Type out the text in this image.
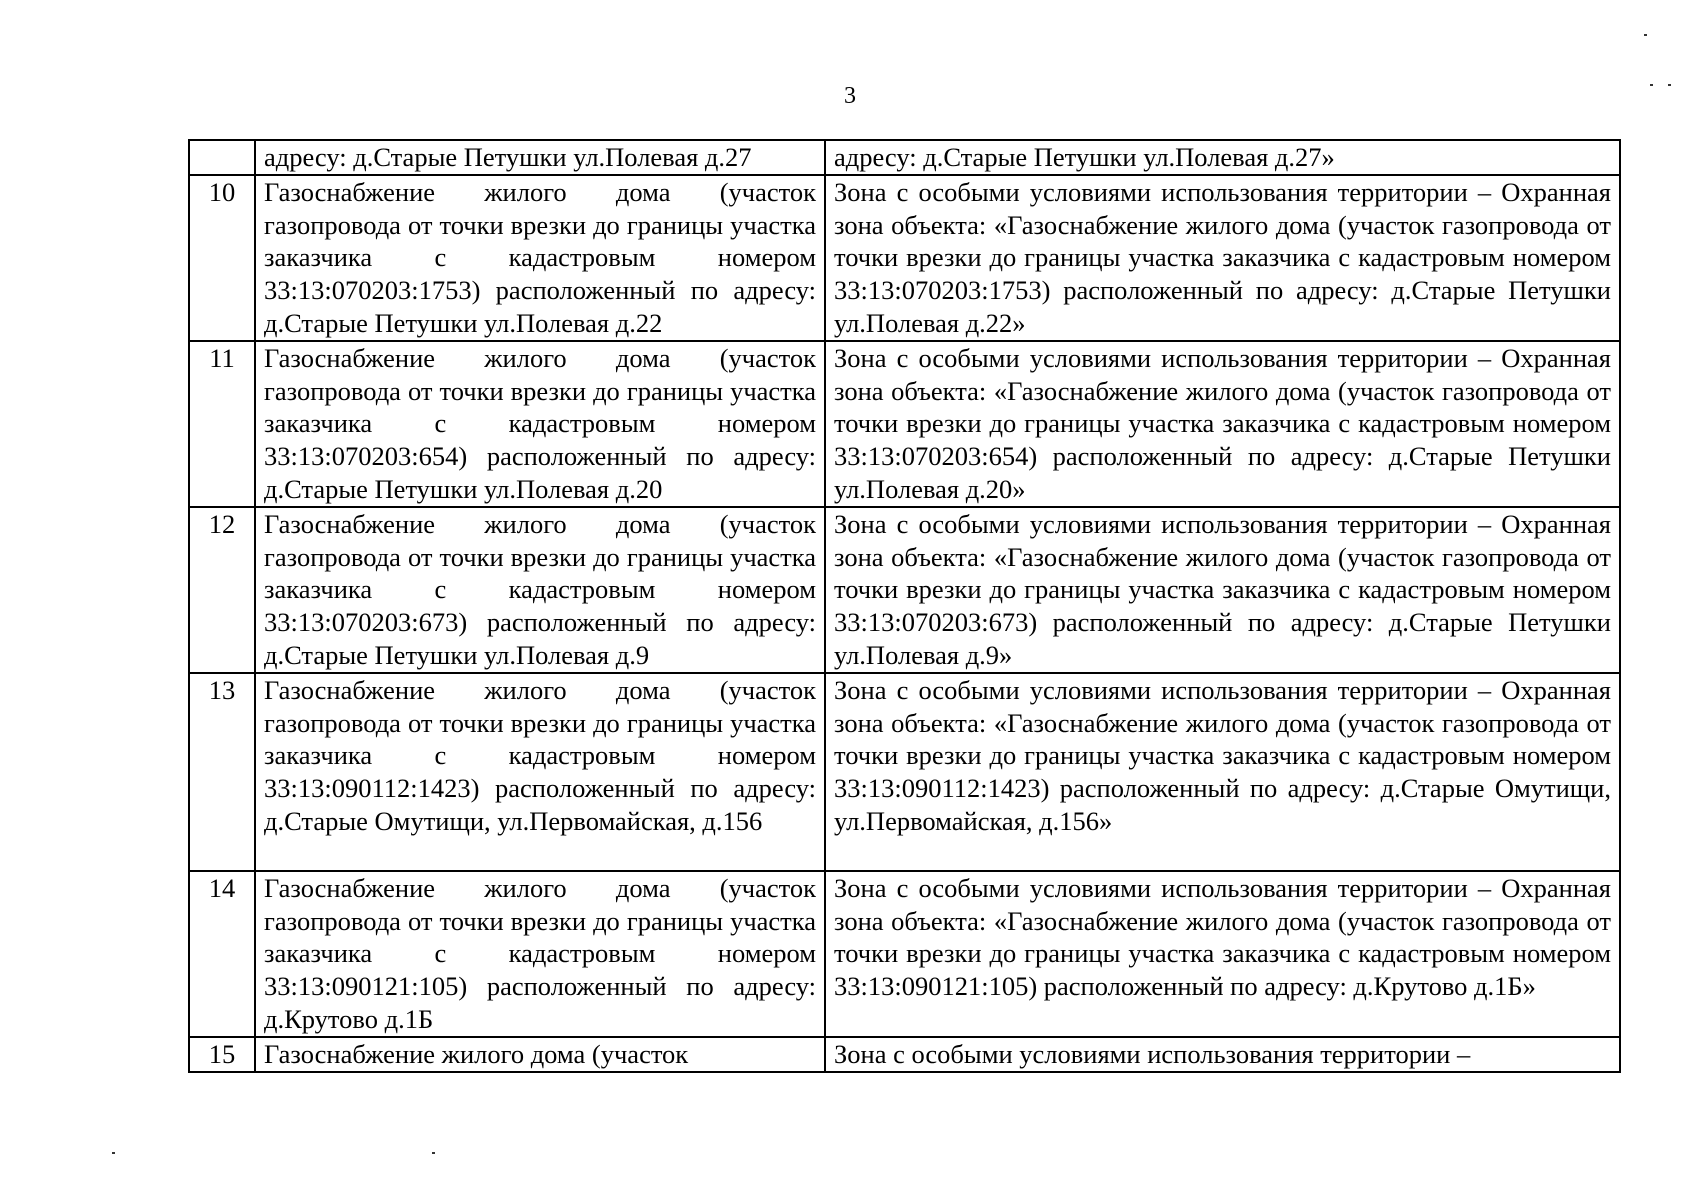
3
	адресу: д.Старые Петушки ул.Полевая д.27	адресу: д.Старые Петушки ул.Полевая д.27»
10	Газоснабжение жилого дома (участок газопровода от точки врезки до границы участка заказчика с кадастровым номером 33:13:070203:1753) расположенный по адресу: д.Старые Петушки ул.Полевая д.22	Зона с особыми условиями использования территории – Охранная зона объекта: «Газоснабжение жилого дома (участок газопровода от точки врезки до границы участка заказчика с кадастровым номером 33:13:070203:1753) расположенный по адресу: д.Старые Петушки ул.Полевая д.22»
11	Газоснабжение жилого дома (участок газопровода от точки врезки до границы участка заказчика с кадастровым номером 33:13:070203:654) расположенный по адресу: д.Старые Петушки ул.Полевая д.20	Зона с особыми условиями использования территории – Охранная зона объекта: «Газоснабжение жилого дома (участок газопровода от точки врезки до границы участка заказчика с кадастровым номером 33:13:070203:654) расположенный по адресу: д.Старые Петушки ул.Полевая д.20»
12	Газоснабжение жилого дома (участок газопровода от точки врезки до границы участка заказчика с кадастровым номером 33:13:070203:673) расположенный по адресу: д.Старые Петушки ул.Полевая д.9	Зона с особыми условиями использования территории – Охранная зона объекта: «Газоснабжение жилого дома (участок газопровода от точки врезки до границы участка заказчика с кадастровым номером 33:13:070203:673) расположенный по адресу: д.Старые Петушки ул.Полевая д.9»
13	Газоснабжение жилого дома (участок газопровода от точки врезки до границы участка заказчика с кадастровым номером 33:13:090112:1423) расположенный по адресу: д.Старые Омутищи, ул.Первомайская, д.156	Зона с особыми условиями использования территории – Охранная зона объекта: «Газоснабжение жилого дома (участок газопровода от точки врезки до границы участка заказчика с кадастровым номером 33:13:090112:1423) расположенный по адресу: д.Старые Омутищи, ул.Первомайская, д.156»
14	Газоснабжение жилого дома (участок газопровода от точки врезки до границы участка заказчика с кадастровым номером 33:13:090121:105) расположенный по адресу: д.Крутово д.1Б	Зона с особыми условиями использования территории – Охранная зона объекта: «Газоснабжение жилого дома (участок газопровода от точки врезки до границы участка заказчика с кадастровым номером 33:13:090121:105) расположенный по адресу: д.Крутово д.1Б»
15	Газоснабжение жилого дома (участок	Зона с особыми условиями использования территории –
